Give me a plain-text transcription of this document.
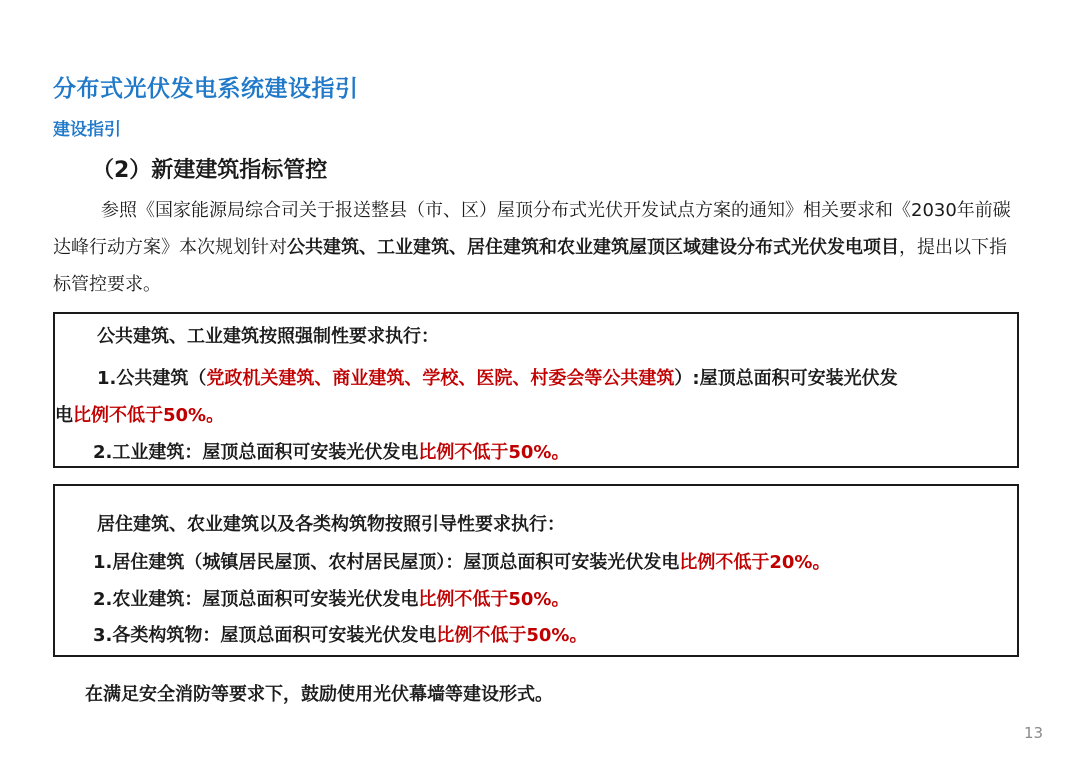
分布式光伏发电系统建设指引
建设指引
（2）新建建筑指标管控
参照《国家能源局综合司关于报送整县（市、区）屋顶分布式光伏开发试点方案的通知》相关要求和《2030年前碳达峰行动方案》本次规划针对公共建筑、工业建筑、居住建筑和农业建筑屋顶区域建设分布式光伏发电项目，提出以下指标管控要求。
公共建筑、工业建筑按照强制性要求执行：
1.公共建筑（党政机关建筑、商业建筑、学校、医院、村委会等公共建筑）:屋顶总面积可安装光伏发
电比例不低于50%。
2.工业建筑：屋顶总面积可安装光伏发电比例不低于50%。
居住建筑、农业建筑以及各类构筑物按照引导性要求执行：
1.居住建筑（城镇居民屋顶、农村居民屋顶）：屋顶总面积可安装光伏发电比例不低于20%。
2.农业建筑：屋顶总面积可安装光伏发电比例不低于50%。
3.各类构筑物：屋顶总面积可安装光伏发电比例不低于50%。
在满足安全消防等要求下，鼓励使用光伏幕墙等建设形式。
13
